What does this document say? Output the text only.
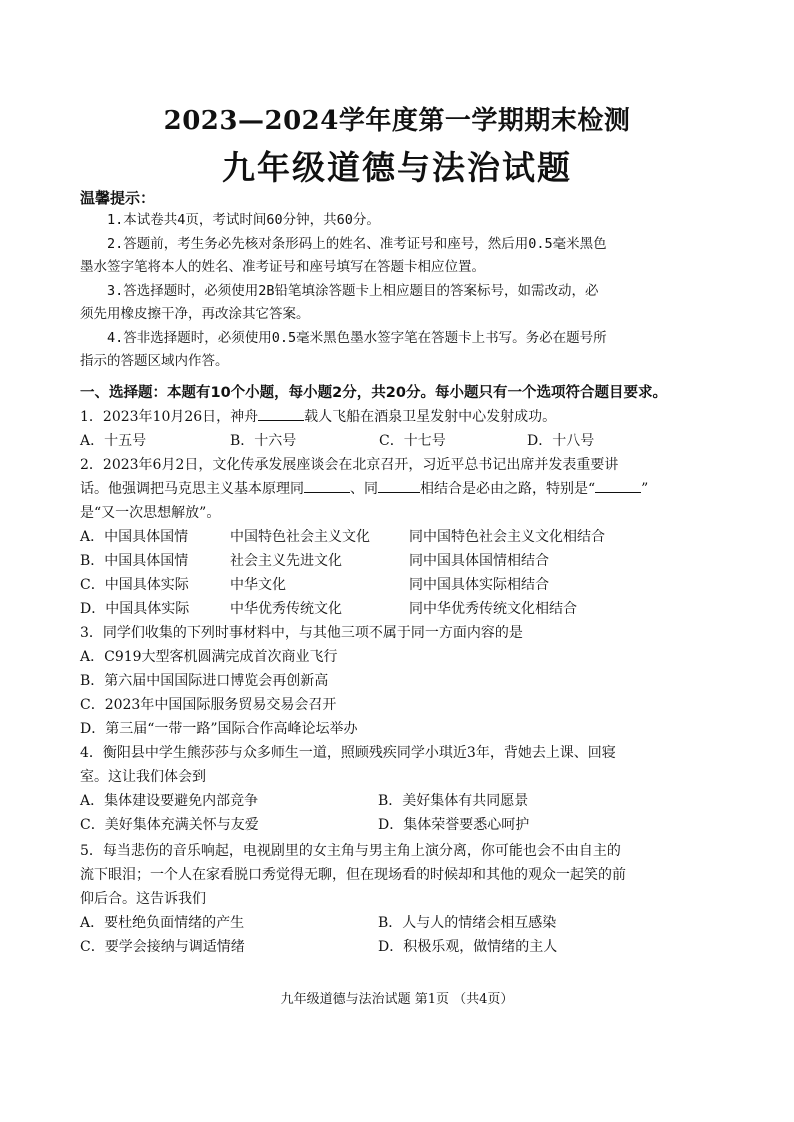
2023—2024学年度第一学期期末检测
九年级道德与法治试题
温馨提示：

1.本试卷共4页，考试时间60分钟，共60分。

2.答题前，考生务必先核对条形码上的姓名、准考证号和座号，然后用0.5毫米黑色

墨水签字笔将本人的姓名、准考证号和座号填写在答题卡相应位置。

3.答选择题时，必须使用2B铅笔填涂答题卡上相应题目的答案标号，如需改动，必

须先用橡皮擦干净，再改涂其它答案。

4.答非选择题时，必须使用0.5毫米黑色墨水签字笔在答题卡上书写。务必在题号所

指示的答题区域内作答。

一、选择题：本题有10个小题，每小题2分，共20分。每小题只有一个选项符合题目要求。
1．2023年10月26日，神舟	载人飞船在酒泉卫星发射中心发射成功。
A．十五号	B．十六号	C．十七号	D．十八号
2．2023年6月2日，文化传承发展座谈会在北京召开，习近平总书记出席并发表重要讲
话。他强调把马克思主义基本原理同	、同	相结合是必由之路，特别是“	”
是“又一次思想解放”。
A．中国具体国情	中国特色社会主义文化	同中国特色社会主义文化相结合
B．中国具体国情	社会主义先进文化	同中国具体国情相结合
C．中国具体实际	中华文化	同中国具体实际相结合
D．中国具体实际	中华优秀传统文化	同中华优秀传统文化相结合
3．同学们收集的下列时事材料中，与其他三项不属于同一方面内容的是
A．C919大型客机圆满完成首次商业飞行
B．第六届中国国际进口博览会再创新高
C．2023年中国国际服务贸易交易会召开
D．第三届“一带一路”国际合作高峰论坛举办
4．衡阳县中学生熊莎莎与众多师生一道，照顾残疾同学小琪近3年，背她去上课、回寝
室。这让我们体会到
A．集体建设要避免内部竞争	B．美好集体有共同愿景
C．美好集体充满关怀与友爱	D．集体荣誉要悉心呵护
5．每当悲伤的音乐响起，电视剧里的女主角与男主角上演分离，你可能也会不由自主的
流下眼泪；一个人在家看脱口秀觉得无聊，但在现场看的时候却和其他的观众一起笑的前
仰后合。这告诉我们
A．要杜绝负面情绪的产生	B．人与人的情绪会相互感染
C．要学会接纳与调适情绪	D．积极乐观，做情绪的主人
九年级道德与法治试题 第1页 （共4页）
